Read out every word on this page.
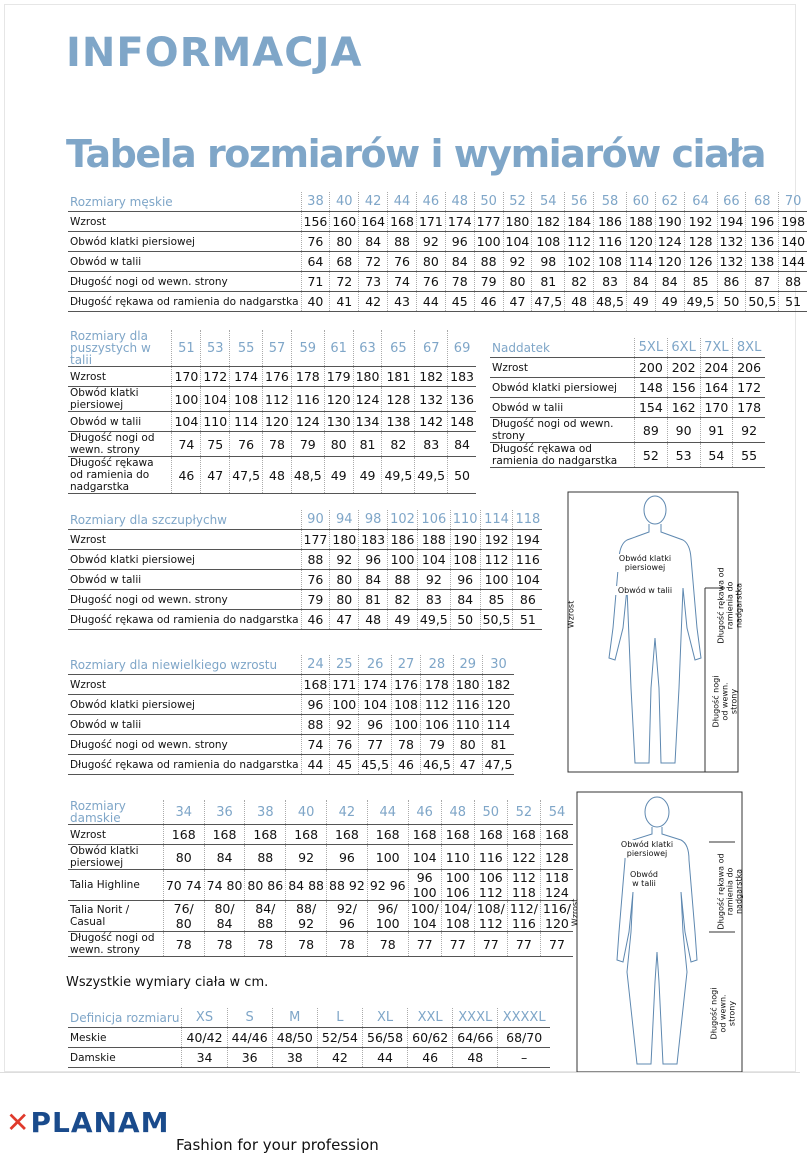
INFORMACJA
Tabela rozmiarów i wymiarów ciała
Rozmiary męskie	38	40	42	44	46	48	50	52	54	56	58	60	62	64	66	68	70
Wzrost	156	160	164	168	171	174	177	180	182	184	186	188	190	192	194	196	198
Obwód klatki piersiowej	76	80	84	88	92	96	100	104	108	112	116	120	124	128	132	136	140
Obwód w talii	64	68	72	76	80	84	88	92	98	102	108	114	120	126	132	138	144
Długość nogi od wewn. strony	71	72	73	74	76	78	79	80	81	82	83	84	84	85	86	87	88
Długość rękawa od ramienia do nadgarstka	40	41	42	43	44	45	46	47	47,5	48	48,5	49	49	49,5	50	50,5	51
Rozmiary dla puszystych w talii	51	53	55	57	59	61	63	65	67	69
Wzrost	170	172	174	176	178	179	180	181	182	183
Obwód klatki piersiowej	100	104	108	112	116	120	124	128	132	136
Obwód w talii	104	110	114	120	124	130	134	138	142	148
Długość nogi od wewn. strony	74	75	76	78	79	80	81	82	83	84
Długość rękawa od ramienia do nadgarstka	46	47	47,5	48	48,5	49	49	49,5	49,5	50
Naddatek	5XL	6XL	7XL	8XL
Wzrost	200	202	204	206
Obwód klatki piersiowej	148	156	164	172
Obwód w talii	154	162	170	178
Długość nogi od wewn. strony	89	90	91	92
Długość rękawa od ramienia do nadgarstka	52	53	54	55
Rozmiary dla szczupłychw	90	94	98	102	106	110	114	118
Wzrost	177	180	183	186	188	190	192	194
Obwód klatki piersiowej	88	92	96	100	104	108	112	116
Obwód w talii	76	80	84	88	92	96	100	104
Długość nogi od wewn. strony	79	80	81	82	83	84	85	86
Długość rękawa od ramienia do nadgarstka	46	47	48	49	49,5	50	50,5	51
Rozmiary dla niewielkiego wzrostu	24	25	26	27	28	29	30
Wzrost	168	171	174	176	178	180	182
Obwód klatki piersiowej	96	100	104	108	112	116	120
Obwód w talii	88	92	96	100	106	110	114
Długość nogi od wewn. strony	74	76	77	78	79	80	81
Długość rękawa od ramienia do nadgarstka	44	45	45,5	46	46,5	47	47,5
Rozmiary damskie	34	36	38	40	42	44	46	48	50	52	54
Wzrost	168	168	168	168	168	168	168	168	168	168	168
Obwód klatki piersiowej	80	84	88	92	96	100	104	110	116	122	128
Talia Highline	70 74	74 80	80 86	84 88	88 92	92 96	96 100	100 106	106 112	112 118	118 124
Talia Norit / Casual	76/ 80	80/ 84	84/ 88	88/ 92	92/ 96	96/ 100	100/ 104	104/ 108	108/ 112	112/ 116	116/ 120
Długość nogi od wewn. strony	78	78	78	78	78	78	77	77	77	77	77
Wszystkie wymiary ciała w cm.
Definicja rozmiaru	XS	S	M	L	XL	XXL	XXXL	XXXXL
Meskie	40/42	44/46	48/50	52/54	56/58	60/62	64/66	68/70
Damskie	34	36	38	42	44	46	48	–
Obwód klatki piersiowej
Obwód w talii
Wzrost	Długość rękawa od ramienia do nadgarstka
Długość nogi od wewn. strony
Obwód klatki piersiowej
Obwód w talii
Wzrost	Długość rękawa od ramienia do nadgarstka
Długość nogi od wewn. strony
✕PLANAM
Fashion for your profession
